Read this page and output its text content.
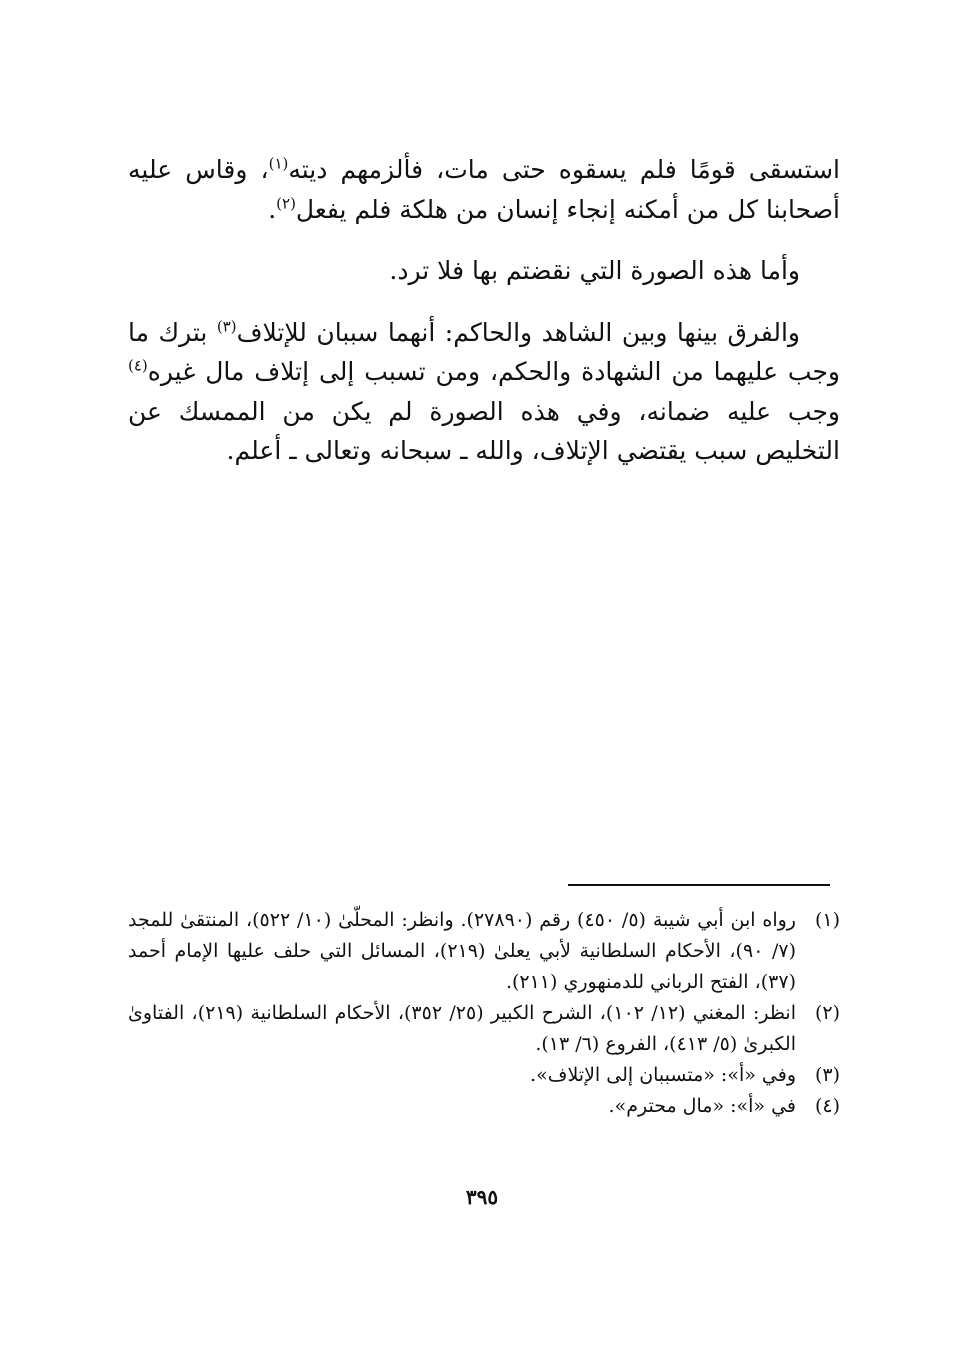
استسقى قومًا فلم يسقوه حتى مات، فألزمهم ديته$^{(١)}$، وقاس عليه أصحابنا كل من أمكنه إنجاء إنسان من هلكة فلم يفعل$^{(٢)}$.

وأما هذه الصورة التي نقضتم بها فلا ترد.

والفرق بينها وبين الشاهد والحاكم: أنهما سببان للإتلاف$^{(٣)}$ بترك ما وجب عليهما من الشهادة والحكم، ومن تسبب إلى إتلاف مال غيره$^{(٤)}$ وجب عليه ضمانه، وفي هذه الصورة لم يكن من الممسك عن التخليص سبب يقتضي الإتلاف، والله ـ سبحانه وتعالى ـ أعلم.

(١)
رواه ابن أبي شيبة (٥/ ٤٥٠) رقم (٢٧٨٩٠). وانظر: المحلّىٰ (١٠/ ٥٢٢)، المنتقىٰ للمجد (٧/ ٩٠)، الأحكام السلطانية لأبي يعلىٰ (٢١٩)، المسائل التي حلف عليها الإمام أحمد (٣٧)، الفتح الرباني للدمنهوري (٢١١).
(٢)
انظر: المغني (١٢/ ١٠٢)، الشرح الكبير (٢٥/ ٣٥٢)، الأحكام السلطانية (٢١٩)، الفتاوىٰ الكبرىٰ (٥/ ٤١٣)، الفروع (٦/ ١٣).
(٣)
وفي «أ»: «متسببان إلى الإتلاف».
(٤)
في «أ»: «مال محترم».
٣٩٥
